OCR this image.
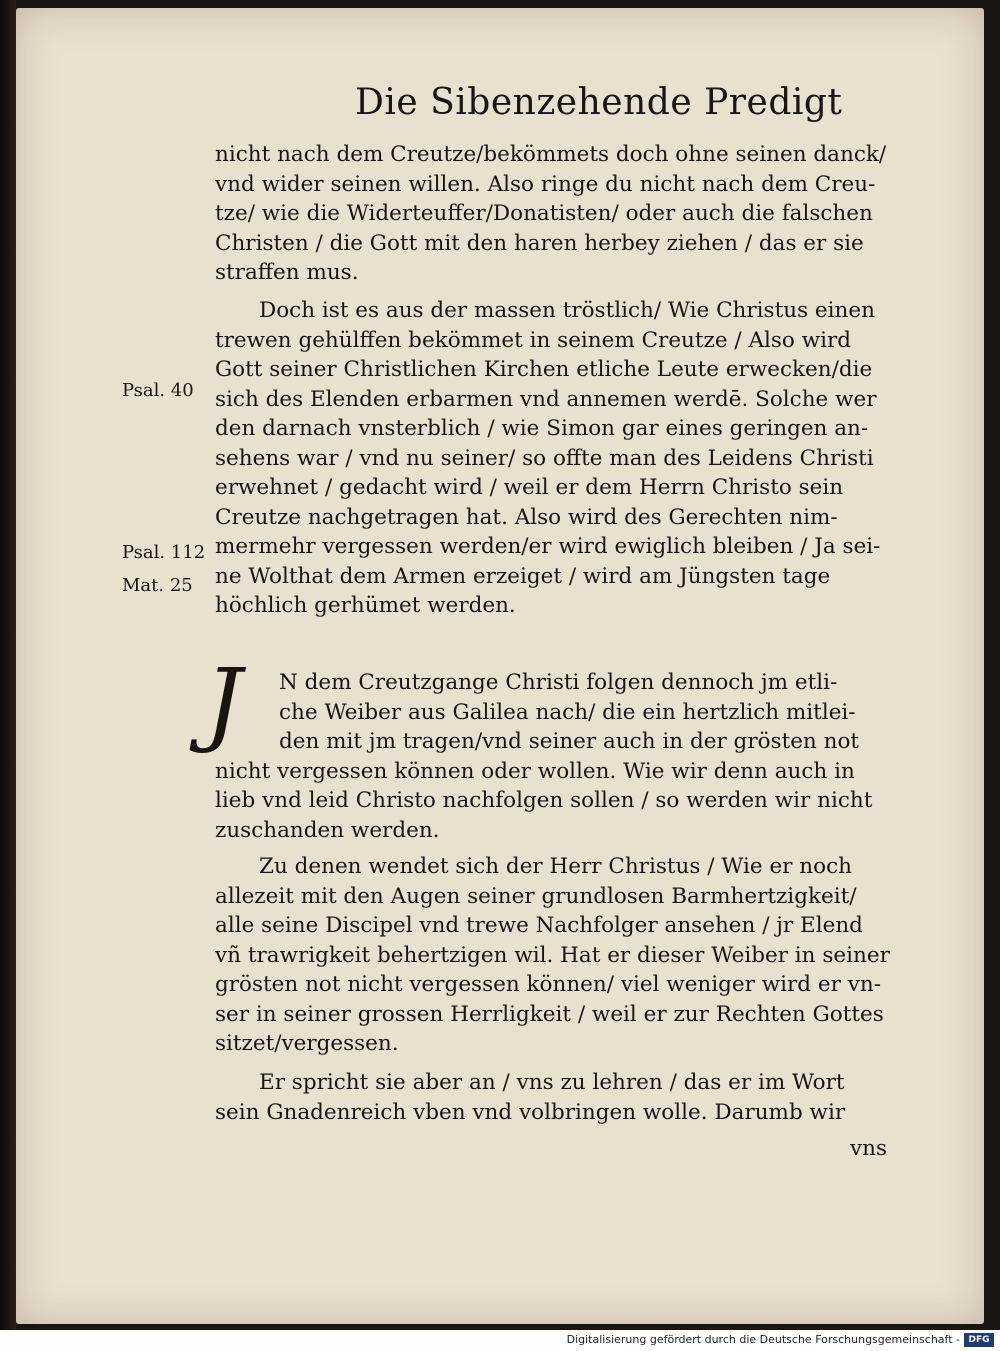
Die Sibenzehende Predigt
nicht nach dem Creutze/bekömmets doch ohne seinen danck/
vnd wider seinen willen. Also ringe du nicht nach dem Creu-
tze/ wie die Widerteuffer/Donatisten/ oder auch die falschen
Christen / die Gott mit den haren herbey ziehen / das er sie
straffen mus.
Doch ist es aus der massen tröstlich/ Wie Christus einen
trewen gehülffen bekömmet in seinem Creutze / Also wird
Gott seiner Christlichen Kirchen etliche Leute erwecken/die
sich des Elenden erbarmen vnd annemen werdē. Solche wer
den darnach vnsterblich / wie Simon gar eines geringen an-
sehens war / vnd nu seiner/ so offte man des Leidens Christi
erwehnet / gedacht wird / weil er dem Herrn Christo sein
Creutze nachgetragen hat. Also wird des Gerechten nim-
mermehr vergessen werden/er wird ewiglich bleiben / Ja sei-
ne Wolthat dem Armen erzeiget / wird am Jüngsten tage
höchlich gerhümet werden.
Psal. 40
Psal. 112
Mat. 25
J	N dem Creutzgange Christi folgen dennoch jm etli-
che Weiber aus Galilea nach/ die ein hertzlich mitlei-
den mit jm tragen/vnd seiner auch in der grösten not
nicht vergessen können oder wollen. Wie wir denn auch in
lieb vnd leid Christo nachfolgen sollen / so werden wir nicht
zuschanden werden.
Zu denen wendet sich der Herr Christus / Wie er noch
allezeit mit den Augen seiner grundlosen Barmhertzigkeit/
alle seine Discipel vnd trewe Nachfolger ansehen / jr Elend
vñ trawrigkeit behertzigen wil. Hat er dieser Weiber in seiner
grösten not nicht vergessen können/ viel weniger wird er vn-
ser in seiner grossen Herrligkeit / weil er zur Rechten Gottes
sitzet/vergessen.
Er spricht sie aber an / vns zu lehren / das er im Wort
sein Gnadenreich vben vnd volbringen wolle. Darumb wir
vns
Digitalisierung gefördert durch die Deutsche Forschungsgemeinschaft - DFG
